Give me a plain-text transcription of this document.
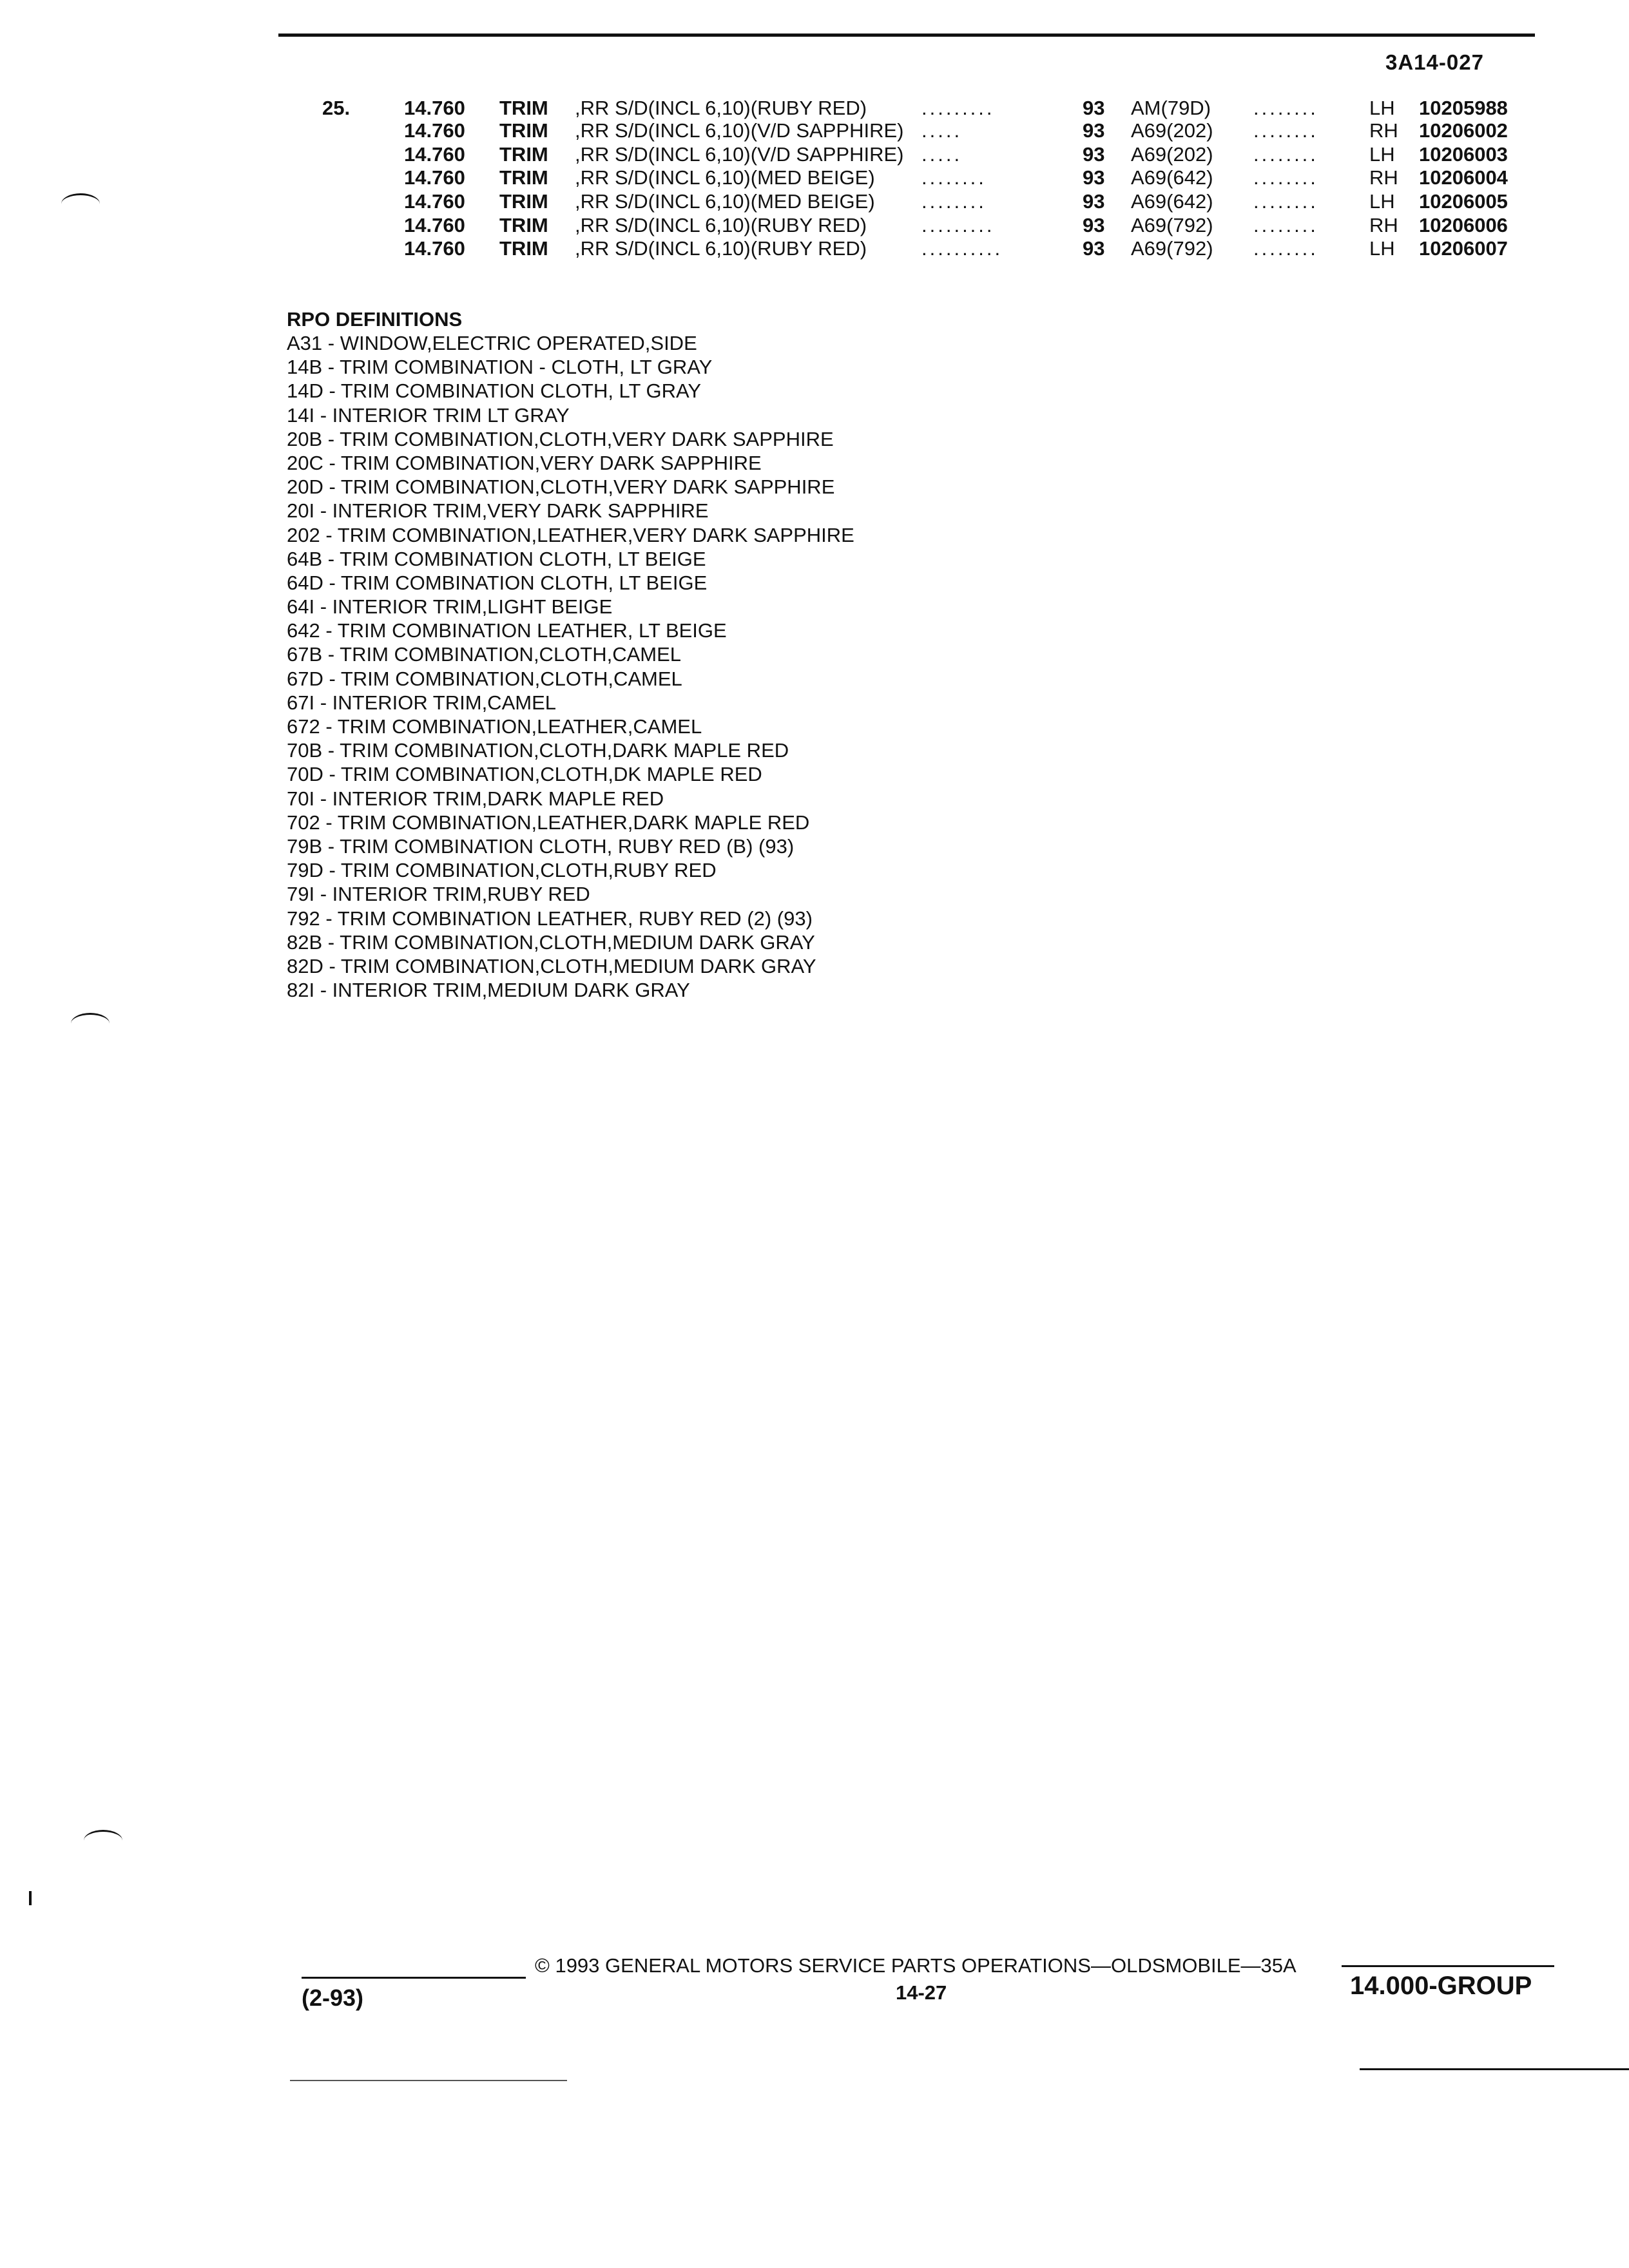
3A14-027
25.	14.760 TRIM ,RR S/D(INCL 6,10)(RUBY RED)	.........	93 AM(79D) ........	LH 10205988
14.760 TRIM ,RR S/D(INCL 6,10)(V/D SAPPHIRE) .....	93 A69(202) ........	RH 10206002
14.760 TRIM ,RR S/D(INCL 6,10)(V/D SAPPHIRE) .....	93 A69(202) ........	LH 10206003
14.760 TRIM ,RR S/D(INCL 6,10)(MED BEIGE) ........	93 A69(642) ........	RH 10206004
14.760 TRIM ,RR S/D(INCL 6,10)(MED BEIGE) ........	93 A69(642) ........	LH 10206005
14.760 TRIM ,RR S/D(INCL 6,10)(RUBY RED)	.........	93 A69(792) ........	RH 10206006
14.760 TRIM ,RR S/D(INCL 6,10)(RUBY RED)	..........	93 A69(792) ........	LH 10206007
RPO DEFINITIONS
A31 - WINDOW,ELECTRIC OPERATED,SIDE
14B - TRIM COMBINATION - CLOTH, LT GRAY
14D - TRIM COMBINATION CLOTH, LT GRAY
14I - INTERIOR TRIM LT GRAY
20B - TRIM COMBINATION,CLOTH,VERY DARK SAPPHIRE
20C - TRIM COMBINATION,VERY DARK SAPPHIRE
20D - TRIM COMBINATION,CLOTH,VERY DARK SAPPHIRE
20I - INTERIOR TRIM,VERY DARK SAPPHIRE
202 - TRIM COMBINATION,LEATHER,VERY DARK SAPPHIRE
64B - TRIM COMBINATION CLOTH, LT BEIGE
64D - TRIM COMBINATION CLOTH, LT BEIGE
64I - INTERIOR TRIM,LIGHT BEIGE
642 - TRIM COMBINATION LEATHER, LT BEIGE
67B - TRIM COMBINATION,CLOTH,CAMEL
67D - TRIM COMBINATION,CLOTH,CAMEL
67I - INTERIOR TRIM,CAMEL
672 - TRIM COMBINATION,LEATHER,CAMEL
70B - TRIM COMBINATION,CLOTH,DARK MAPLE RED
70D - TRIM COMBINATION,CLOTH,DK MAPLE RED
70I - INTERIOR TRIM,DARK MAPLE RED
702 - TRIM COMBINATION,LEATHER,DARK MAPLE RED
79B - TRIM COMBINATION CLOTH, RUBY RED (B) (93)
79D - TRIM COMBINATION,CLOTH,RUBY RED
79I - INTERIOR TRIM,RUBY RED
792 - TRIM COMBINATION LEATHER, RUBY RED (2) (93)
82B - TRIM COMBINATION,CLOTH,MEDIUM DARK GRAY
82D - TRIM COMBINATION,CLOTH,MEDIUM DARK GRAY
82I - INTERIOR TRIM,MEDIUM DARK GRAY
© 1993 GENERAL MOTORS SERVICE PARTS OPERATIONS—OLDSMOBILE—35A
(2-93)	14-27	14.000-GROUP
